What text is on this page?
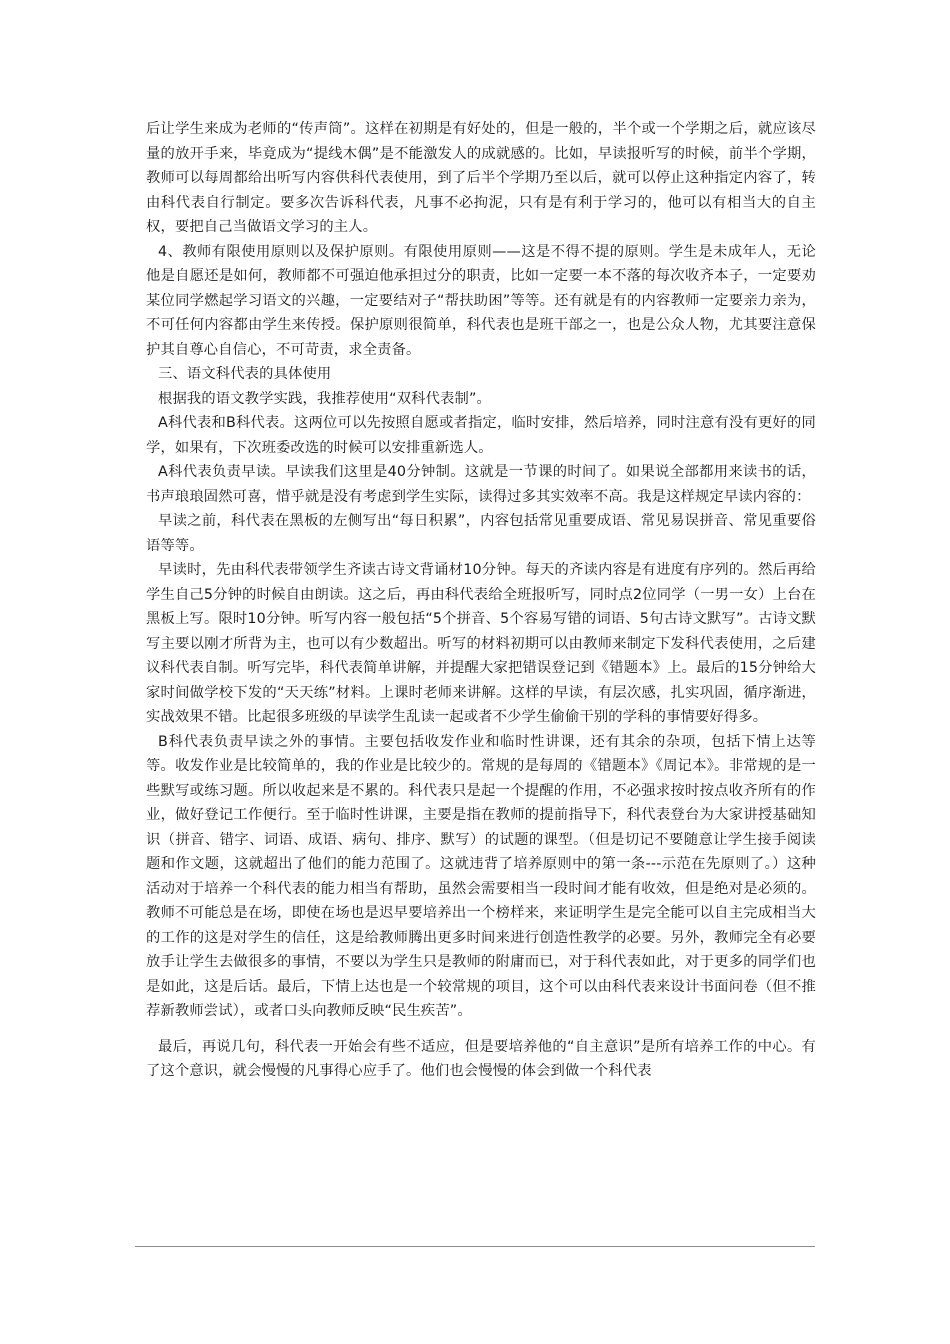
后让学生来成为老师的“传声筒”。这样在初期是有好处的，但是一般的，半个或一个学期之后，就应该尽量的放开手来，毕竟成为“提线木偶”是不能激发人的成就感的。比如，早读报听写的时候，前半个学期，教师可以每周都给出听写内容供科代表使用，到了后半个学期乃至以后，就可以停止这种指定内容了，转由科代表自行制定。要多次告诉科代表，凡事不必拘泥，只有是有利于学习的，他可以有相当大的自主权，要把自己当做语文学习的主人。

4、教师有限使用原则以及保护原则。有限使用原则——这是不得不提的原则。学生是未成年人，无论他是自愿还是如何，教师都不可强迫他承担过分的职责，比如一定要一本不落的每次收齐本子，一定要劝某位同学燃起学习语文的兴趣，一定要结对子“帮扶助困”等等。还有就是有的内容教师一定要亲力亲为，不可任何内容都由学生来传授。保护原则很简单，科代表也是班干部之一，也是公众人物，尤其要注意保护其自尊心自信心，不可苛责，求全责备。

三、语文科代表的具体使用

根据我的语文教学实践，我推荐使用“双科代表制”。

A科代表和B科代表。这两位可以先按照自愿或者指定，临时安排，然后培养，同时注意有没有更好的同学，如果有，下次班委改选的时候可以安排重新选人。

A科代表负责早读。早读我们这里是40分钟制。这就是一节课的时间了。如果说全部都用来读书的话，书声琅琅固然可喜，惜乎就是没有考虑到学生实际，读得过多其实效率不高。我是这样规定早读内容的：

早读之前，科代表在黑板的左侧写出“每日积累”，内容包括常见重要成语、常见易误拼音、常见重要俗语等等。

早读时，先由科代表带领学生齐读古诗文背诵材10分钟。每天的齐读内容是有进度有序列的。然后再给学生自己5分钟的时候自由朗读。这之后，再由科代表给全班报听写，同时点2位同学（一男一女）上台在黑板上写。限时10分钟。听写内容一般包括“5个拼音、5个容易写错的词语、5句古诗文默写”。古诗文默写主要以刚才所背为主，也可以有少数超出。听写的材料初期可以由教师来制定下发科代表使用，之后建议科代表自制。听写完毕，科代表简单讲解，并提醒大家把错误登记到《错题本》上。最后的15分钟给大家时间做学校下发的“天天练”材料。上课时老师来讲解。这样的早读，有层次感，扎实巩固，循序渐进，实战效果不错。比起很多班级的早读学生乱读一起或者不少学生偷偷干别的学科的事情要好得多。

B科代表负责早读之外的事情。主要包括收发作业和临时性讲课，还有其余的杂项，包括下情上达等等。收发作业是比较简单的，我的作业是比较少的。常规的是每周的《错题本》《周记本》。非常规的是一些默写或练习题。所以收起来是不累的。科代表只是起一个提醒的作用，不必强求按时按点收齐所有的作业，做好登记工作便行。至于临时性讲课，主要是指在教师的提前指导下，科代表登台为大家讲授基础知识（拼音、错字、词语、成语、病句、排序、默写）的试题的课型。（但是切记不要随意让学生接手阅读题和作文题，这就超出了他们的能力范围了。这就违背了培养原则中的第一条---示范在先原则了。）这种活动对于培养一个科代表的能力相当有帮助，虽然会需要相当一段时间才能有收效，但是绝对是必须的。教师不可能总是在场，即使在场也是迟早要培养出一个榜样来，来证明学生是完全能可以自主完成相当大的工作的这是对学生的信任，这是给教师腾出更多时间来进行创造性教学的必要。另外，教师完全有必要放手让学生去做很多的事情，不要以为学生只是教师的附庸而已，对于科代表如此，对于更多的同学们也是如此，这是后话。最后，下情上达也是一个较常规的项目，这个可以由科代表来设计书面问卷（但不推荐新教师尝试），或者口头向教师反映“民生疾苦”。

最后，再说几句，科代表一开始会有些不适应，但是要培养他的“自主意识”是所有培养工作的中心。有了这个意识，就会慢慢的凡事得心应手了。他们也会慢慢的体会到做一个科代表
